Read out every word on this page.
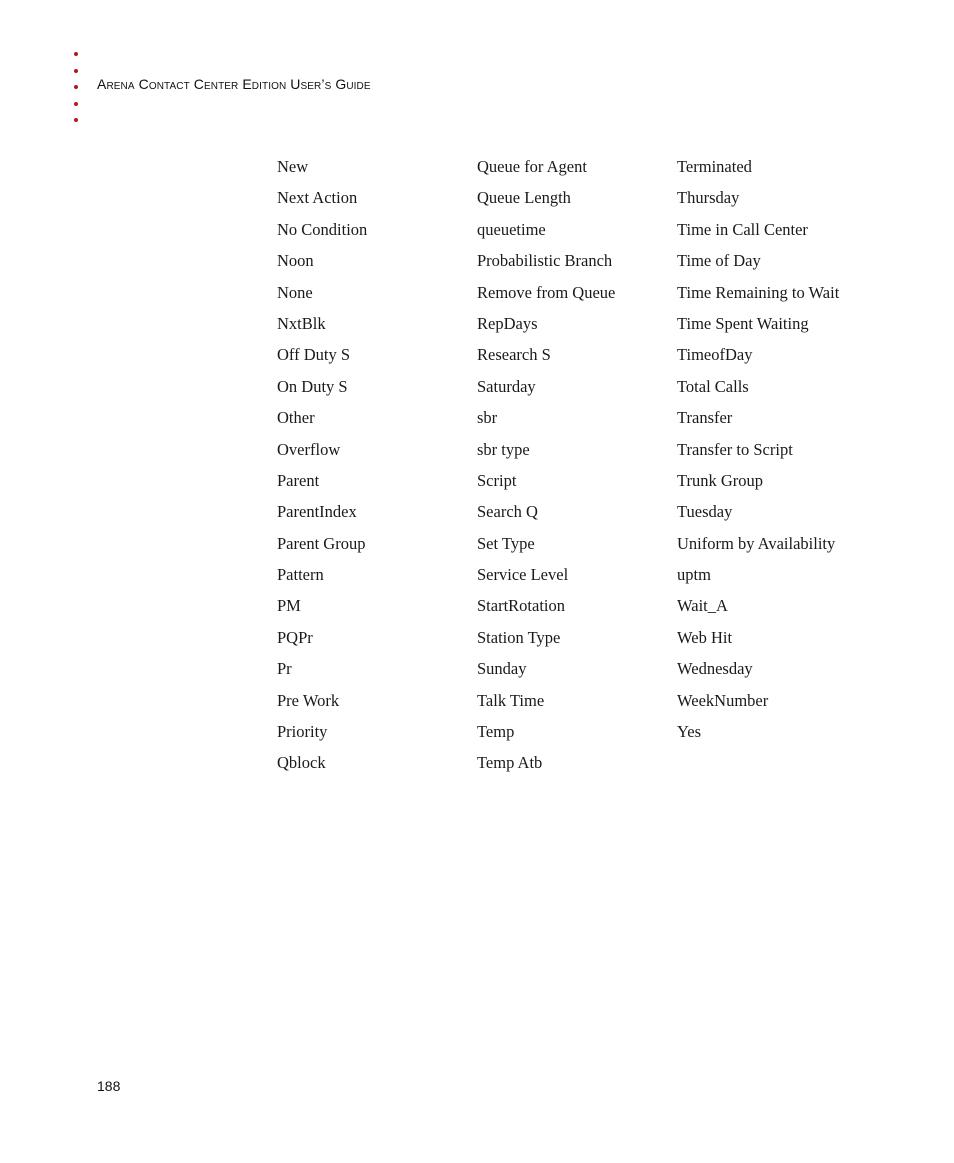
Arena Contact Center Edition User’s Guide
New	Queue for Agent	Terminated
Next Action	Queue Length	Thursday
No Condition	queuetime	Time in Call Center
Noon	Probabilistic Branch	Time of Day
None	Remove from Queue	Time Remaining to Wait
NxtBlk	RepDays	Time Spent Waiting
Off Duty S	Research S	TimeofDay
On Duty S	Saturday	Total Calls
Other	sbr	Transfer
Overflow	sbr type	Transfer to Script
Parent	Script	Trunk Group
ParentIndex	Search Q	Tuesday
Parent Group	Set Type	Uniform by Availability
Pattern	Service Level	uptm
PM	StartRotation	Wait_A
PQPr	Station Type	Web Hit
Pr	Sunday	Wednesday
Pre Work	Talk Time	WeekNumber
Priority	Temp	Yes
Qblock	Temp Atb
188
